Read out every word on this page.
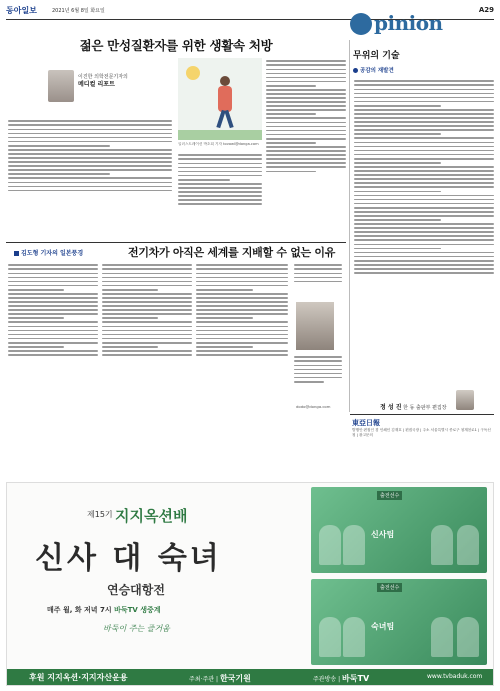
동아일보	2021년 6월 8일 화요일	A29
pinion
젊은 만성질환자를 위한 생활속 처방
이진한 의학전문기자의
메디컬 리포트
일러스트레이션 박초희 기자 tovowl@donga.com
무위의 기술
공감의 재발견
정 성 진 한 동 출판부 편집장
김도형 기자의 일본풍경	전기차가 아직은 세계를 지배할 수 없는 이유
dodo@donga.com
東亞日報
발행인·편집인 겸 인쇄인 김재호 | 편집국장 | 주소 서울특별시 종로구 청계천로1 | 구독신청 | 광고문의
제15기 지지옥션배
신사 대 숙녀
연승대항전
매주 월, 화 저녁 7시 바둑TV 생중계
바둑이 주는 즐거움
출전선수
신사팀
출전선수
숙녀팀
후원 지지옥션·지지자산운용	주최·주관 | 한국기원	주관방송 | 바둑TV	www.tvbaduk.com
